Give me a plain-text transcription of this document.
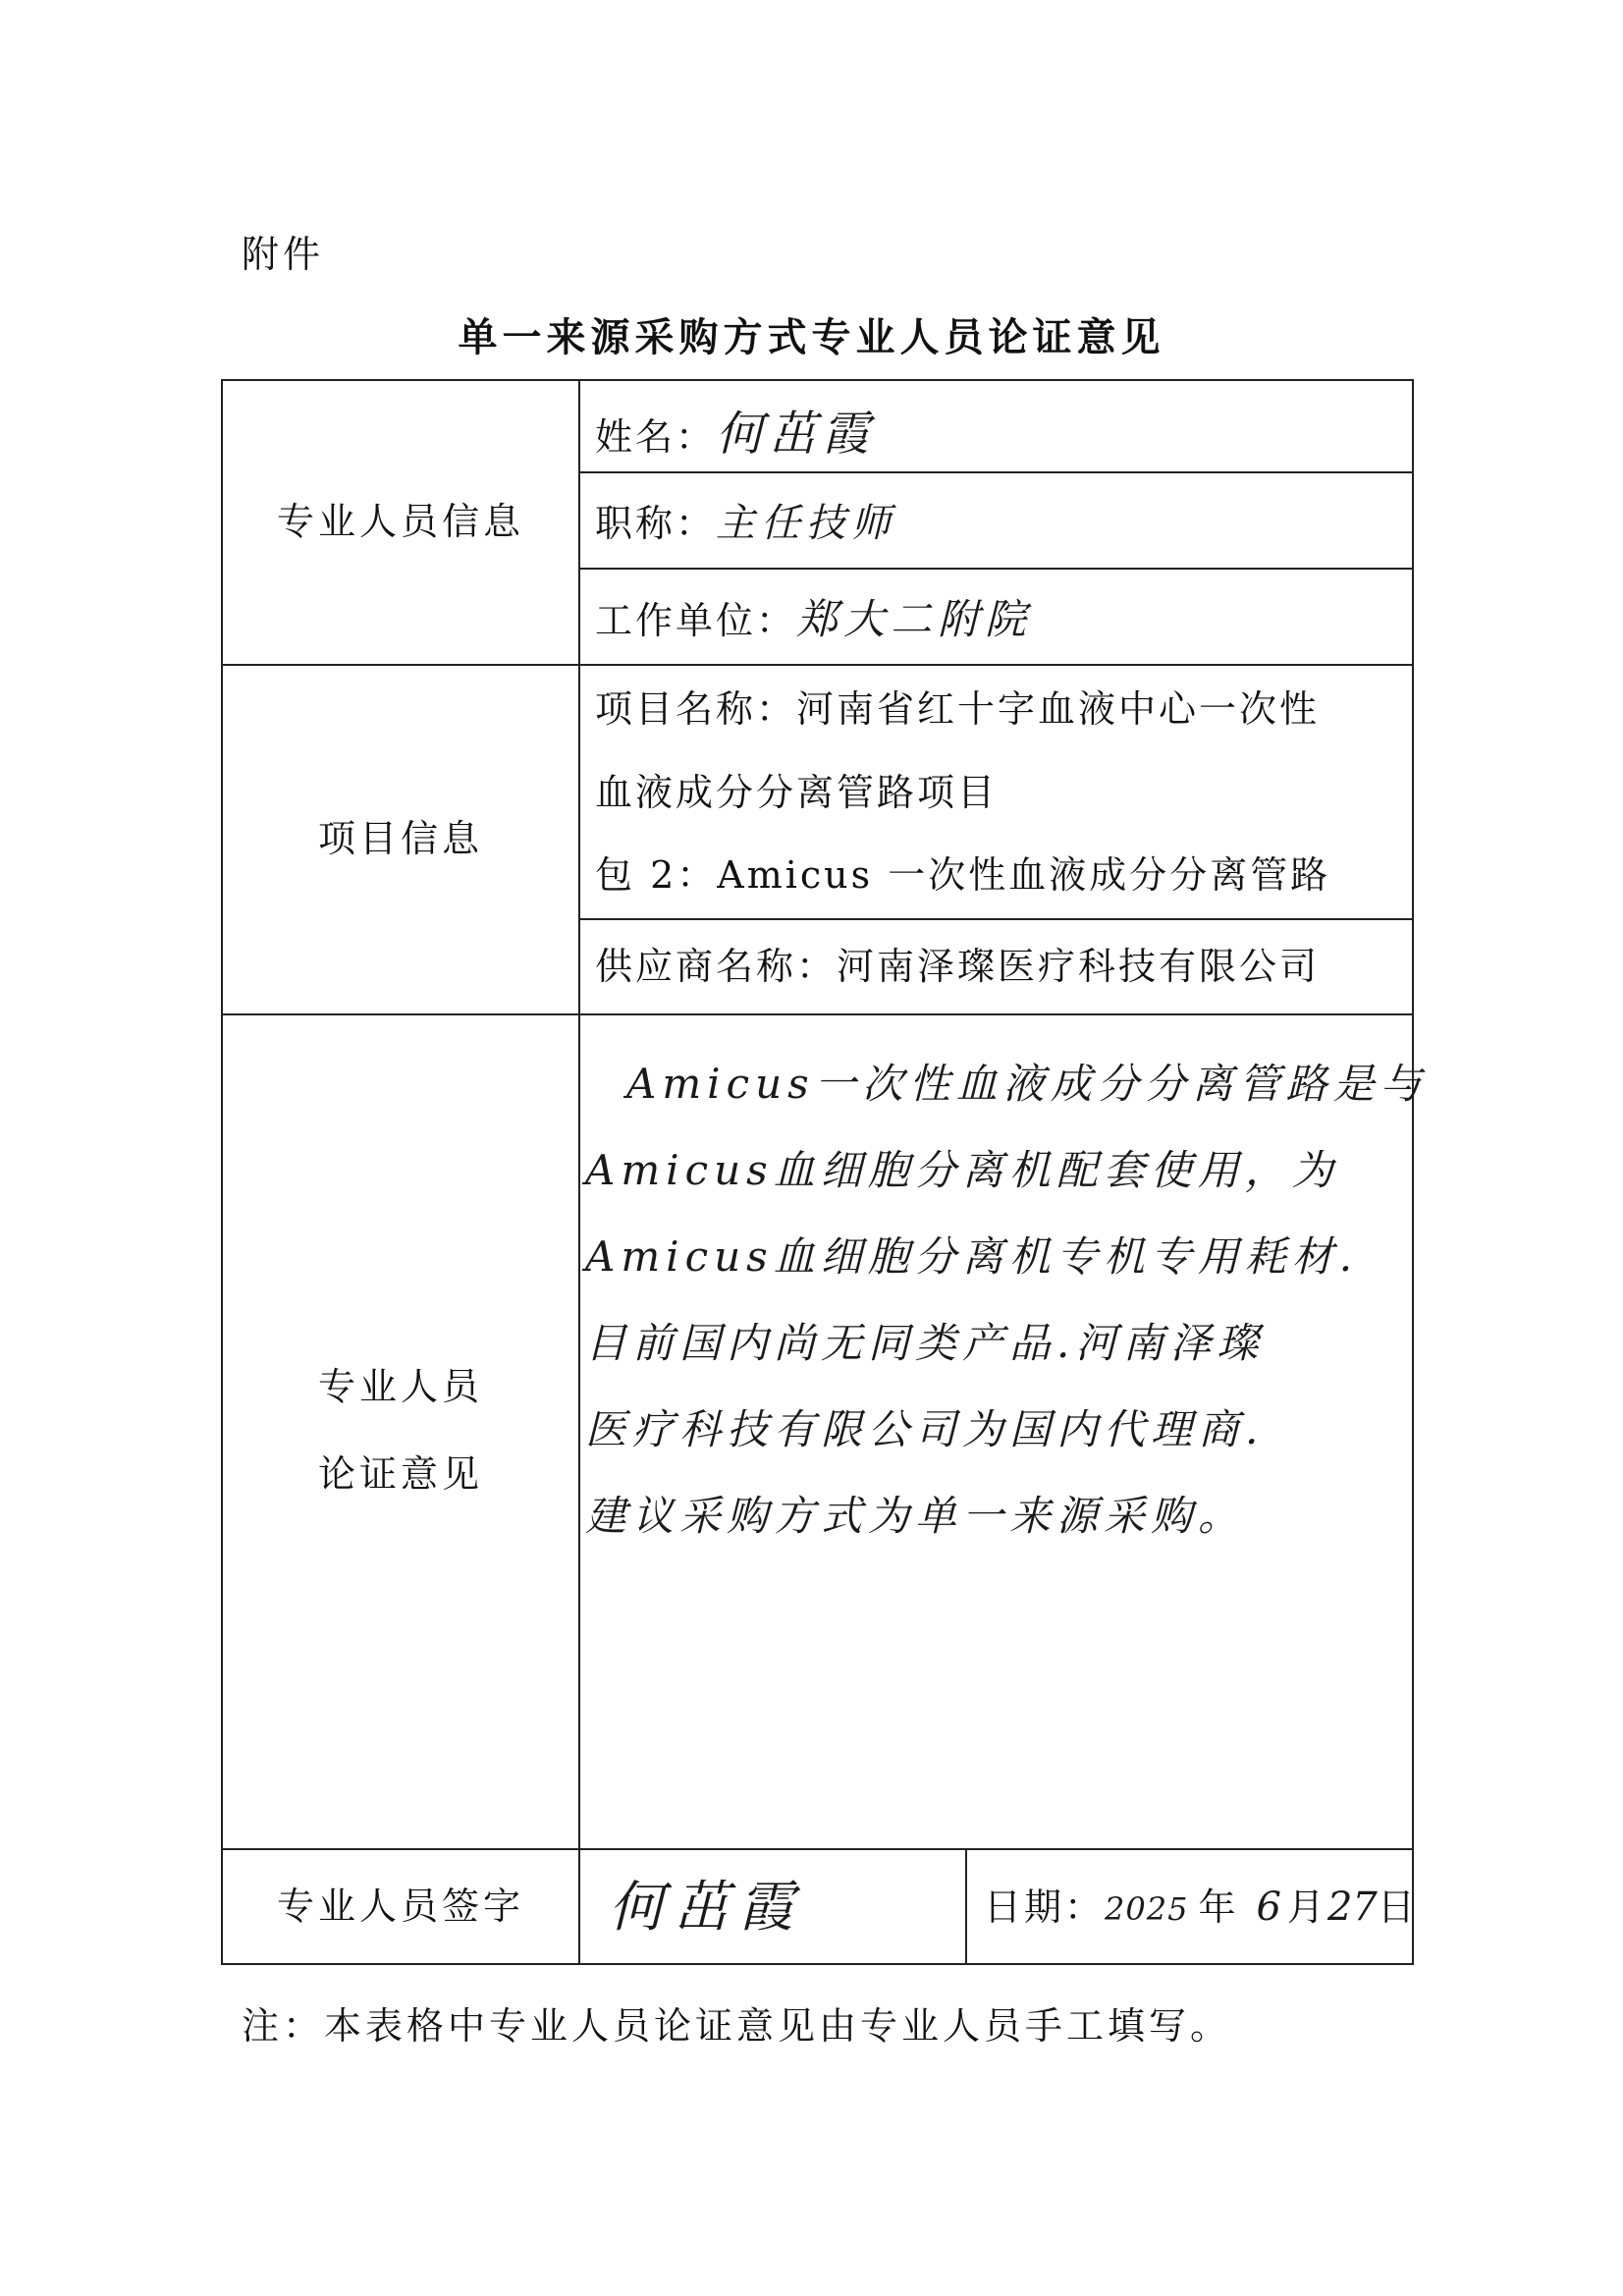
附件
单一来源采购方式专业人员论证意见
专业人员信息
姓名：何茁霞
职称：主任技师
工作单位：郑大二附院
项目信息
项目名称：河南省红十字血液中心一次性
血液成分分离管路项目
包 2：Amicus 一次性血液成分分离管路
供应商名称：河南泽璨医疗科技有限公司
专业人员
论证意见
Amicus一次性血液成分分离管路是与
Amicus血细胞分离机配套使用，为
Amicus血细胞分离机专机专用耗材.
目前国内尚无同类产品.河南泽璨
医疗科技有限公司为国内代理商.
建议采购方式为单一来源采购。
专业人员签字	何茁霞	日期：2025 年 6月27日
注：本表格中专业人员论证意见由专业人员手工填写。
